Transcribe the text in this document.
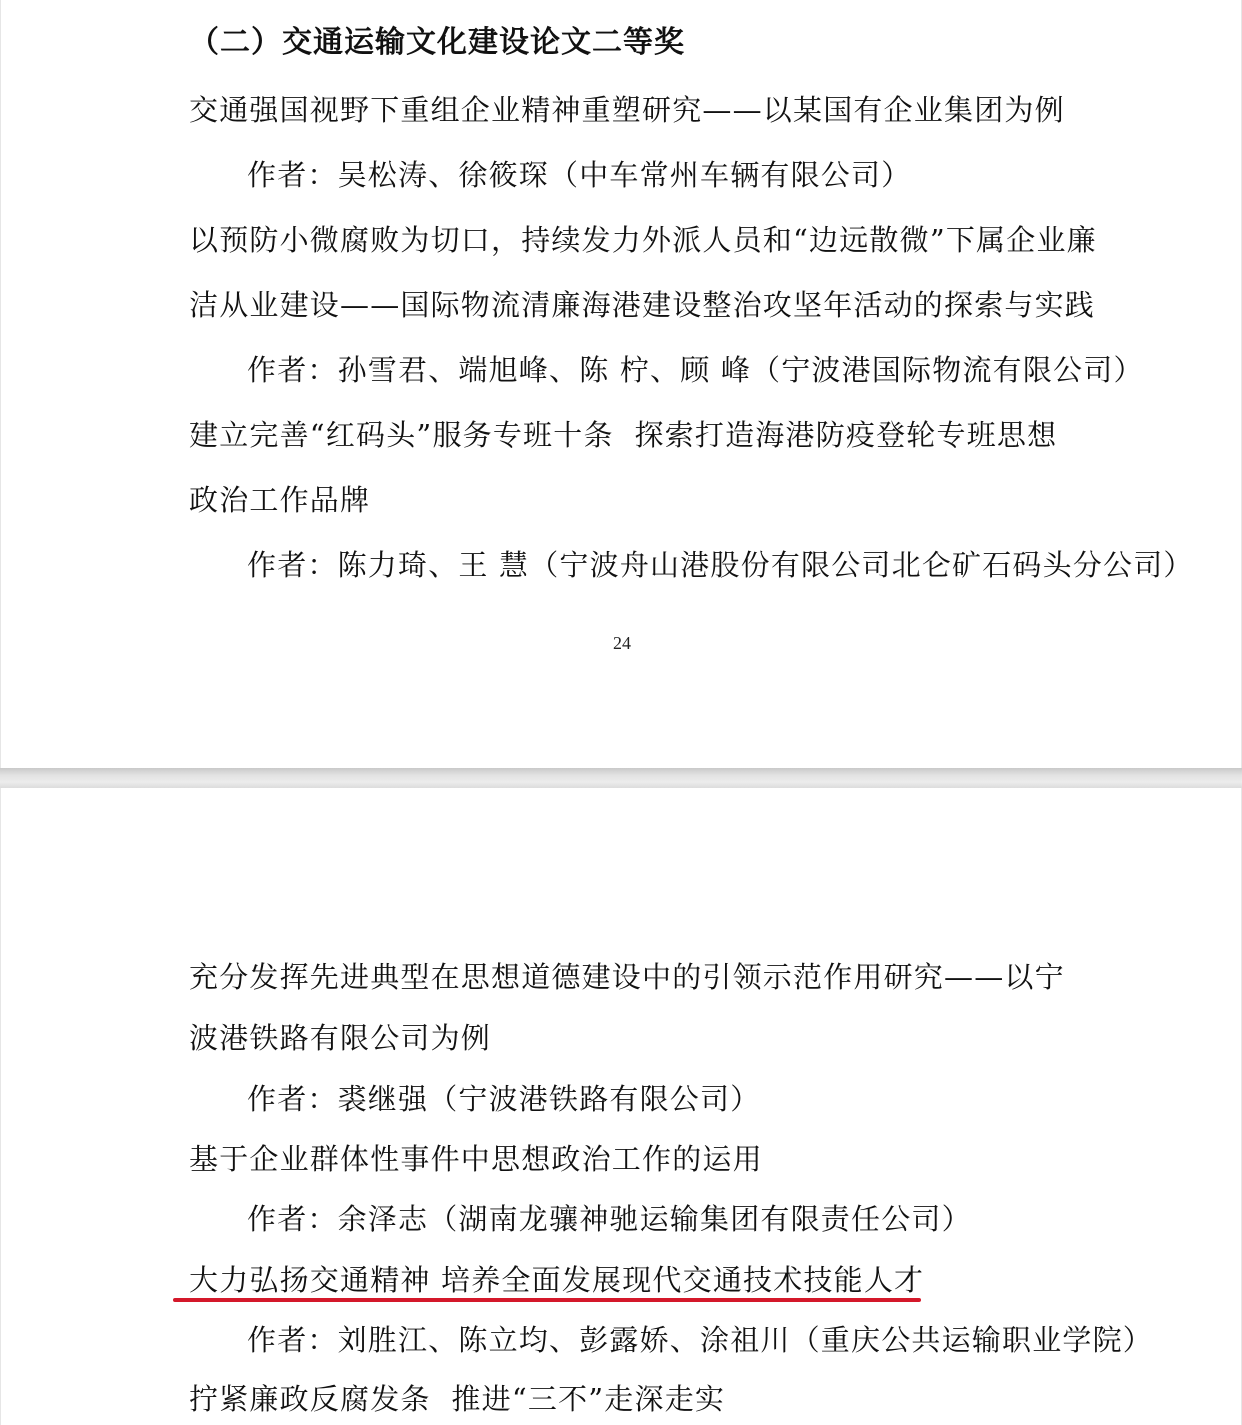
（二）交通运输文化建设论文二等奖
交通强国视野下重组企业精神重塑研究——以某国有企业集团为例
作者：吴松涛、徐筱琛（中车常州车辆有限公司）
以预防小微腐败为切口，持续发力外派人员和“边远散微”下属企业廉
洁从业建设——国际物流清廉海港建设整治攻坚年活动的探索与实践
作者：孙雪君、端旭峰、陈 柠、顾 峰（宁波港国际物流有限公司）
建立完善“红码头”服务专班十条  探索打造海港防疫登轮专班思想
政治工作品牌
作者：陈力琦、王 慧（宁波舟山港股份有限公司北仑矿石码头分公司）
24
充分发挥先进典型在思想道德建设中的引领示范作用研究——以宁
波港铁路有限公司为例
作者：裘继强（宁波港铁路有限公司）
基于企业群体性事件中思想政治工作的运用
作者：余泽志（湖南龙骧神驰运输集团有限责任公司）
大力弘扬交通精神 培养全面发展现代交通技术技能人才
作者：刘胜江、陈立均、彭露娇、涂祖川（重庆公共运输职业学院）
拧紧廉政反腐发条  推进“三不”走深走实
